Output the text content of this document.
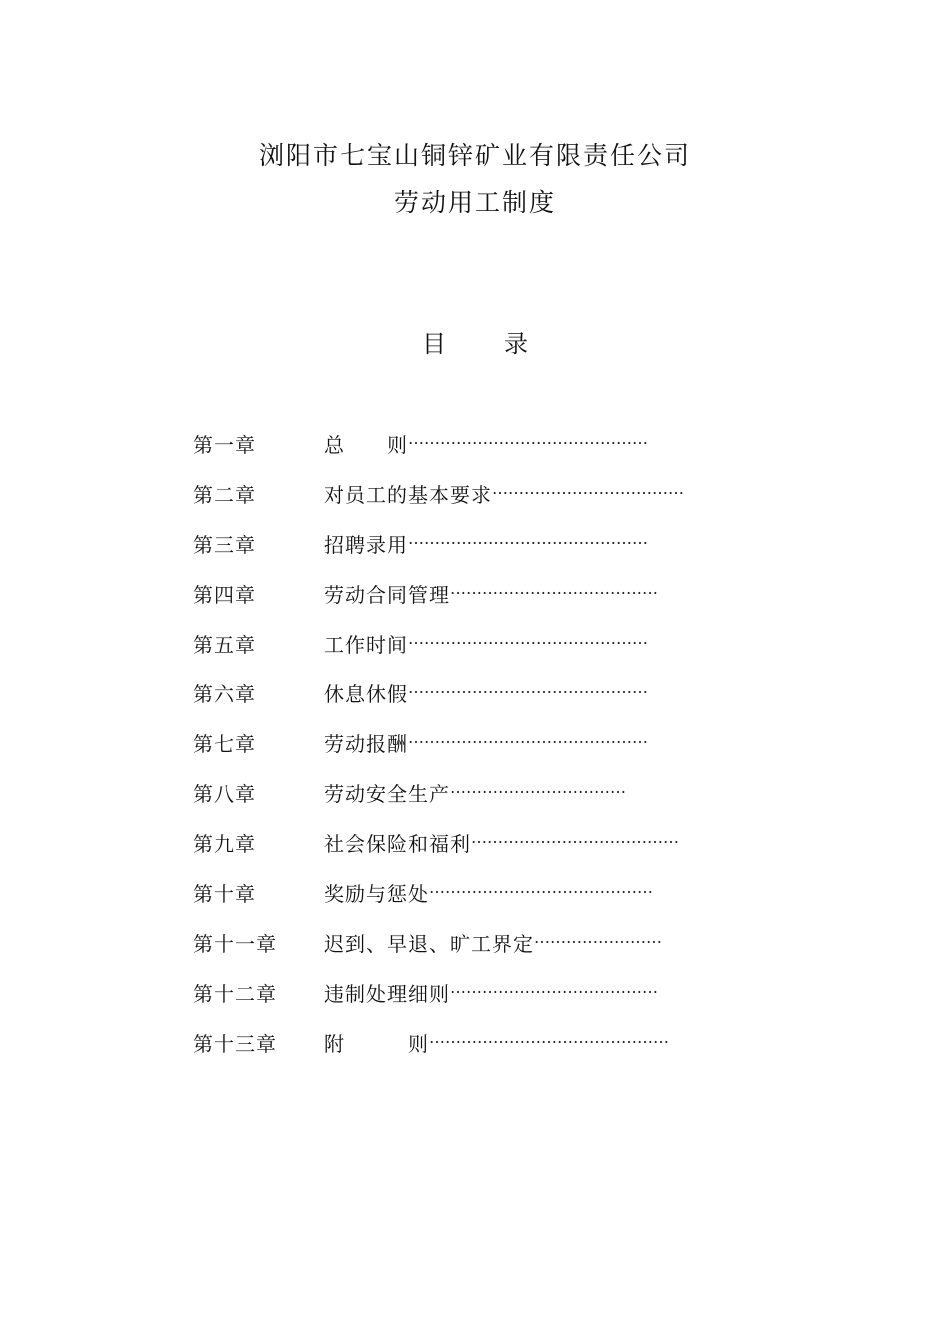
浏阳市七宝山铜锌矿业有限责任公司
劳动用工制度
目 录
第一章	总　　则 ………………………………………
第二章	对员工的基本要求 ………………………………
第三章	招聘录用 ………………………………………
第四章	劳动合同管理 …………………………………
第五章	工作时间 ………………………………………
第六章	休息休假 ………………………………………
第七章	劳动报酬 ………………………………………
第八章	劳动安全生产 ……………………………
第九章	社会保险和福利 …………………………………
第十章	奖励与惩处 ……………………………………
第十一章 迟到、早退、旷工界定 ……………………
第十二章 违制处理细则 …………………………………
第十三章 附　　　则 ………………………………………
